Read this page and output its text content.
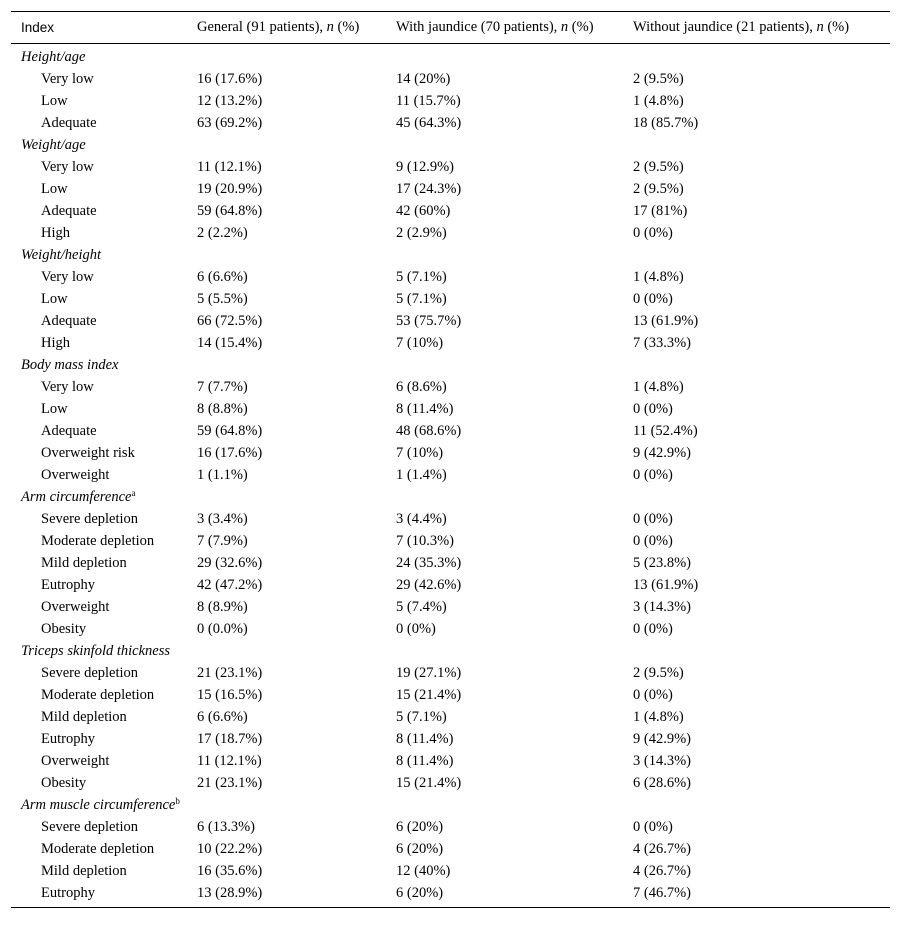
Index	General (91 patients), n (%)	With jaundice (70 patients), n (%)	Without jaundice (21 patients), n (%)
Height/age
Very low	16 (17.6%)	14 (20%)	2 (9.5%)
Low	12 (13.2%)	11 (15.7%)	1 (4.8%)
Adequate	63 (69.2%)	45 (64.3%)	18 (85.7%)
Weight/age
Very low	11 (12.1%)	9 (12.9%)	2 (9.5%)
Low	19 (20.9%)	17 (24.3%)	2 (9.5%)
Adequate	59 (64.8%)	42 (60%)	17 (81%)
High	2 (2.2%)	2 (2.9%)	0 (0%)
Weight/height
Very low	6 (6.6%)	5 (7.1%)	1 (4.8%)
Low	5 (5.5%)	5 (7.1%)	0 (0%)
Adequate	66 (72.5%)	53 (75.7%)	13 (61.9%)
High	14 (15.4%)	7 (10%)	7 (33.3%)
Body mass index
Very low	7 (7.7%)	6 (8.6%)	1 (4.8%)
Low	8 (8.8%)	8 (11.4%)	0 (0%)
Adequate	59 (64.8%)	48 (68.6%)	11 (52.4%)
Overweight risk	16 (17.6%)	7 (10%)	9 (42.9%)
Overweight	1 (1.1%)	1 (1.4%)	0 (0%)
Arm circumference$^a$
Severe depletion	3 (3.4%)	3 (4.4%)	0 (0%)
Moderate depletion	7 (7.9%)	7 (10.3%)	0 (0%)
Mild depletion	29 (32.6%)	24 (35.3%)	5 (23.8%)
Eutrophy	42 (47.2%)	29 (42.6%)	13 (61.9%)
Overweight	8 (8.9%)	5 (7.4%)	3 (14.3%)
Obesity	0 (0.0%)	0 (0%)	0 (0%)
Triceps skinfold thickness
Severe depletion	21 (23.1%)	19 (27.1%)	2 (9.5%)
Moderate depletion	15 (16.5%)	15 (21.4%)	0 (0%)
Mild depletion	6 (6.6%)	5 (7.1%)	1 (4.8%)
Eutrophy	17 (18.7%)	8 (11.4%)	9 (42.9%)
Overweight	11 (12.1%)	8 (11.4%)	3 (14.3%)
Obesity	21 (23.1%)	15 (21.4%)	6 (28.6%)
Arm muscle circumference$^b$
Severe depletion	6 (13.3%)	6 (20%)	0 (0%)
Moderate depletion	10 (22.2%)	6 (20%)	4 (26.7%)
Mild depletion	16 (35.6%)	12 (40%)	4 (26.7%)
Eutrophy	13 (28.9%)	6 (20%)	7 (46.7%)
